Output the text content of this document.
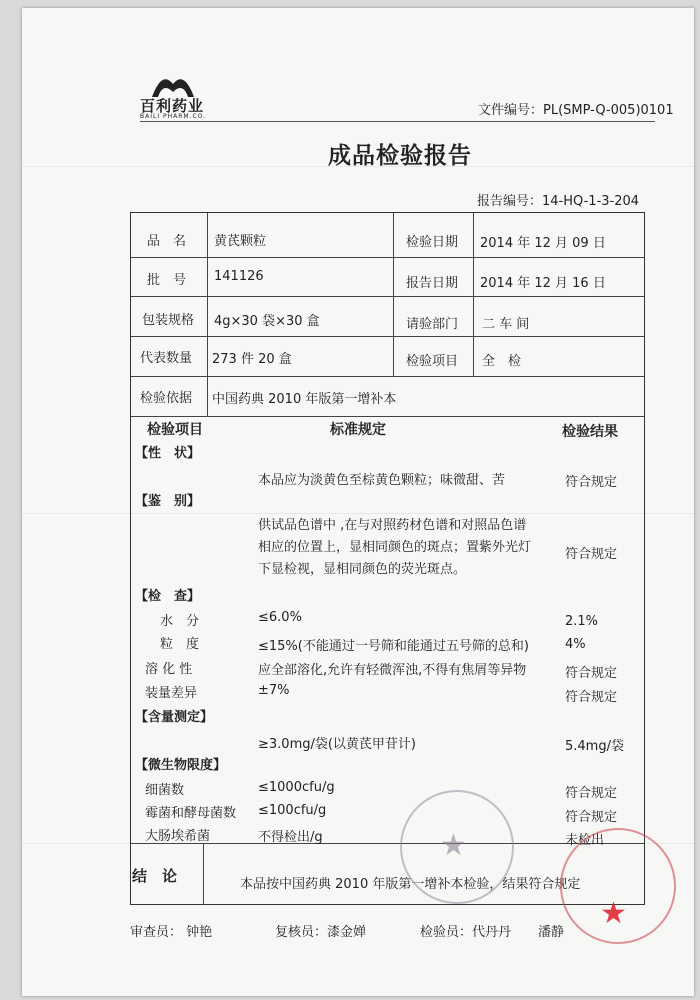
百利药业
BAILI PHARM.CO.	文件编号：PL(SMP-Q-005)0101
成品检验报告
报告编号：14-HQ-1-3-204
品　名 黄芪颗粒	检验日期 2014 年 12 月 09 日
批　号 141126	报告日期 2014 年 12 月 16 日
包装规格 4g×30 袋×30 盒	请验部门 二 车 间
代表数量 273 件 20 盒	检验项目 全　检
检验依据 中国药典 2010 年版第一增补本
检验项目	标准规定	检验结果
【性　状】
本品应为淡黄色至棕黄色颗粒；味微甜、苦	符合规定
【鉴　别】
供试品色谱中 ,在与对照药材色谱和对照品色谱
相应的位置上，显相同颜色的斑点；置紫外光灯
下显检视，显相同颜色的荧光斑点。
符合规定
【检　查】
水　分	≤6.0%	2.1%
粒　度	≤15%(不能通过一号筛和能通过五号筛的总和)	4%
溶 化 性	应全部溶化,允许有轻微浑浊,不得有焦屑等异物	符合规定
装量差异	±7%	符合规定
【含量测定】
≥3.0mg/袋(以黄芪甲苷计)	5.4mg/袋
【微生物限度】
细菌数	≤1000cfu/g	符合规定
霉菌和酵母菌数 ≤100cfu/g	符合规定
大肠埃希菌	不得检出/g	未检出
结　论	本品按中国药典 2010 年版第一增补本检验，结果符合规定
审查员： 钟艳	复核员：漆金婵	检验员：代丹丹 潘静
★
★
